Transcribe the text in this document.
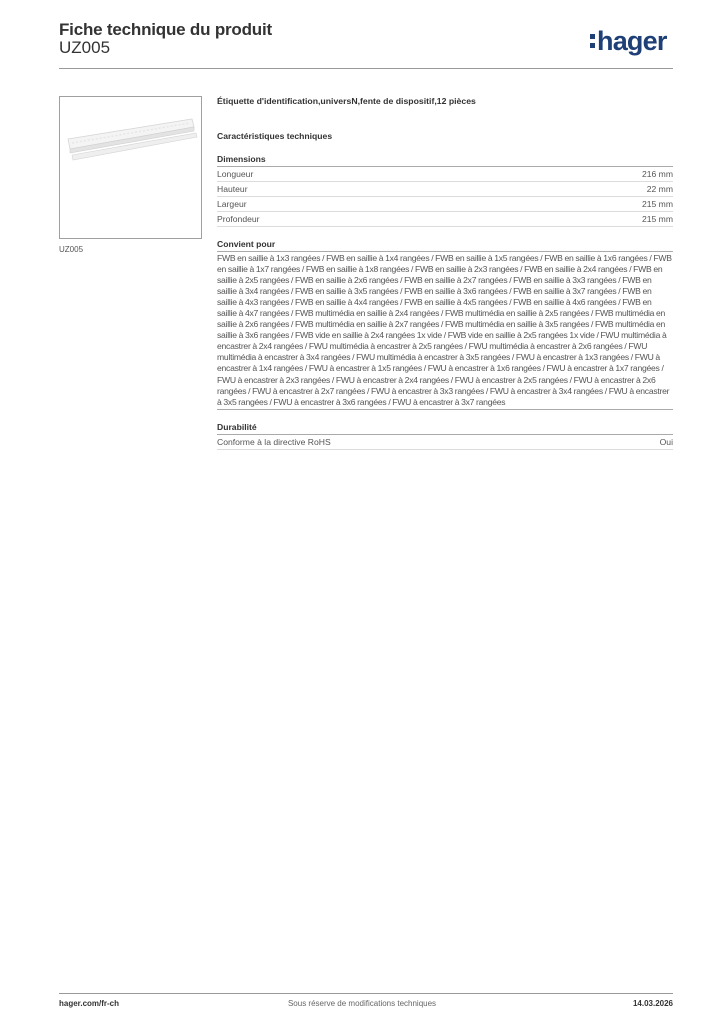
Fiche technique du produit
UZ005	hager
UZ005
Étiquette d'identification,universN,fente de dispositif,12 pièces
Caractéristiques techniques
Dimensions
Longueur	216 mm
Hauteur	22 mm
Largeur	215 mm
Profondeur	215 mm
Convient pour
FWB en saillie à 1x3 rangées / FWB en saillie à 1x4 rangées / FWB en saillie à 1x5 rangées / FWB en saillie à 1x6 rangées / FWB en saillie à 1x7 rangées / FWB en saillie à 1x8 rangées / FWB en saillie à 2x3 rangées / FWB en saillie à 2x4 rangées / FWB en saillie à 2x5 rangées / FWB en saillie à 2x6 rangées / FWB en saillie à 2x7 rangées / FWB en saillie à 3x3 rangées / FWB en saillie à 3x4 rangées / FWB en saillie à 3x5 rangées / FWB en saillie à 3x6 rangées / FWB en saillie à 3x7 rangées / FWB en saillie à 4x3 rangées / FWB en saillie à 4x4 rangées / FWB en saillie à 4x5 rangées / FWB en saillie à 4x6 rangées / FWB en saillie à 4x7 rangées / FWB multimédia en saillie à 2x4 rangées / FWB multimédia en saillie à 2x5 rangées / FWB multimédia en saillie à 2x6 rangées / FWB multimédia en saillie à 2x7 rangées / FWB multimédia en saillie à 3x5 rangées / FWB multimédia en saillie à 3x6 rangées / FWB vide en saillie à 2x4 rangées 1x vide / FWB vide en saillie à 2x5 rangées 1x vide / FWU multimédia à encastrer à 2x4 rangées / FWU multimédia à encastrer à 2x5 rangées / FWU multimédia à encastrer à 2x6 rangées / FWU multimédia à encastrer à 3x4 rangées / FWU multimédia à encastrer à 3x5 rangées / FWU à encastrer à 1x3 rangées / FWU à encastrer à 1x4 rangées / FWU à encastrer à 1x5 rangées / FWU à encastrer à 1x6 rangées / FWU à encastrer à 1x7 rangées / FWU à encastrer à 2x3 rangées / FWU à encastrer à 2x4 rangées / FWU à encastrer à 2x5 rangées / FWU à encastrer à 2x6 rangées / FWU à encastrer à 2x7 rangées / FWU à encastrer à 3x3 rangées / FWU à encastrer à 3x4 rangées / FWU à encastrer à 3x5 rangées / FWU à encastrer à 3x6 rangées / FWU à encastrer à 3x7 rangées
Durabilité
Conforme à la directive RoHS	Oui
Sous réserve de modifications techniques
hager.com/fr-ch	14.03.2026
